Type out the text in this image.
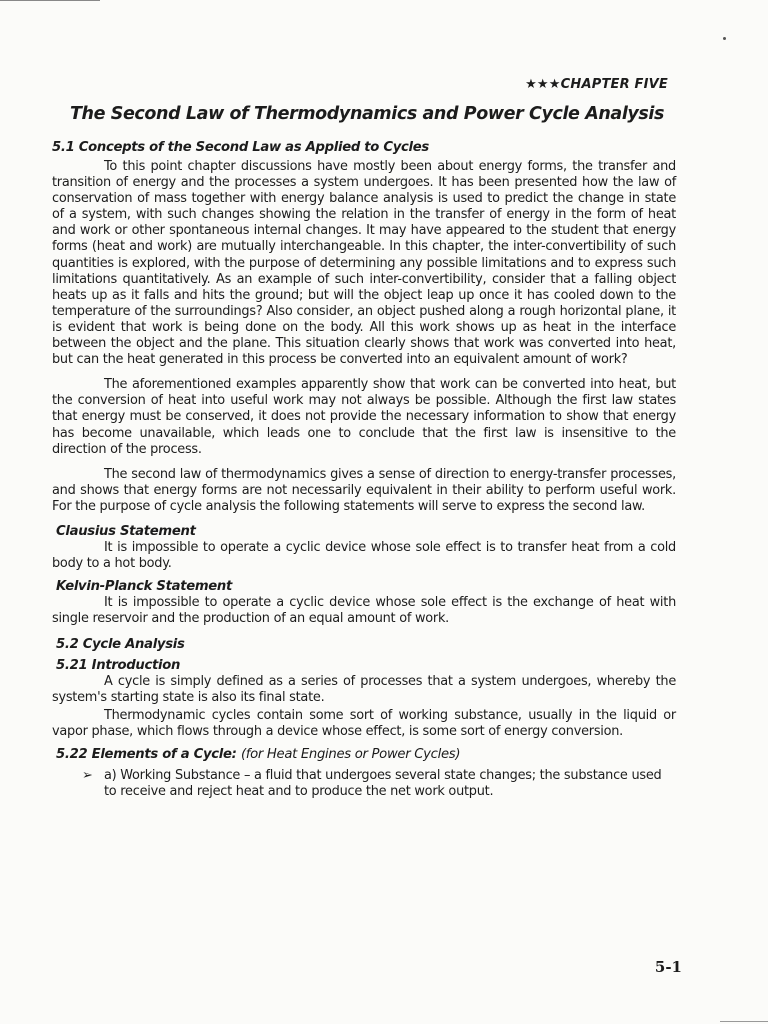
★★★CHAPTER FIVE
The Second Law of Thermodynamics and Power Cycle Analysis
5.1 Concepts of the Second Law as Applied to Cycles

To this point chapter discussions have mostly been about energy forms, the transfer and transition of energy and the processes a system undergoes. It has been presented how the law of conservation of mass together with energy balance analysis is used to predict the change in state of a system, with such changes showing the relation in the transfer of energy in the form of heat and work or other spontaneous internal changes. It may have appeared to the student that energy forms (heat and work) are mutually interchangeable. In this chapter, the inter-convertibility of such quantities is explored, with the purpose of determining any possible limitations and to express such limitations quantitatively. As an example of such inter-convertibility, consider that a falling object heats up as it falls and hits the ground; but will the object leap up once it has cooled down to the temperature of the surroundings? Also consider, an object pushed along a rough horizontal plane, it is evident that work is being done on the body. All this work shows up as heat in the interface between the object and the plane. This situation clearly shows that work was converted into heat, but can the heat generated in this process be converted into an equivalent amount of work?

The aforementioned examples apparently show that work can be converted into heat, but the conversion of heat into useful work may not always be possible. Although the first law states that energy must be conserved, it does not provide the necessary information to show that energy has become unavailable, which leads one to conclude that the first law is insensitive to the direction of the process.

The second law of thermodynamics gives a sense of direction to energy-transfer processes, and shows that energy forms are not necessarily equivalent in their ability to perform useful work. For the purpose of cycle analysis the following statements will serve to express the second law.

Clausius Statement

It is impossible to operate a cyclic device whose sole effect is to transfer heat from a cold body to a hot body.

Kelvin-Planck Statement

It is impossible to operate a cyclic device whose sole effect is the exchange of heat with single reservoir and the production of an equal amount of work.

5.2 Cycle Analysis
5.21 Introduction

A cycle is simply defined as a series of processes that a system undergoes, whereby the system's starting state is also its final state.

Thermodynamic cycles contain some sort of working substance, usually in the liquid or vapor phase, which flows through a device whose effect, is some sort of energy conversion.

5.22 Elements of a Cycle: (for Heat Engines or Power Cycles)
➢ a) Working Substance – a fluid that undergoes several state changes; the substance used to receive and reject heat and to produce the net work output.
5-1
